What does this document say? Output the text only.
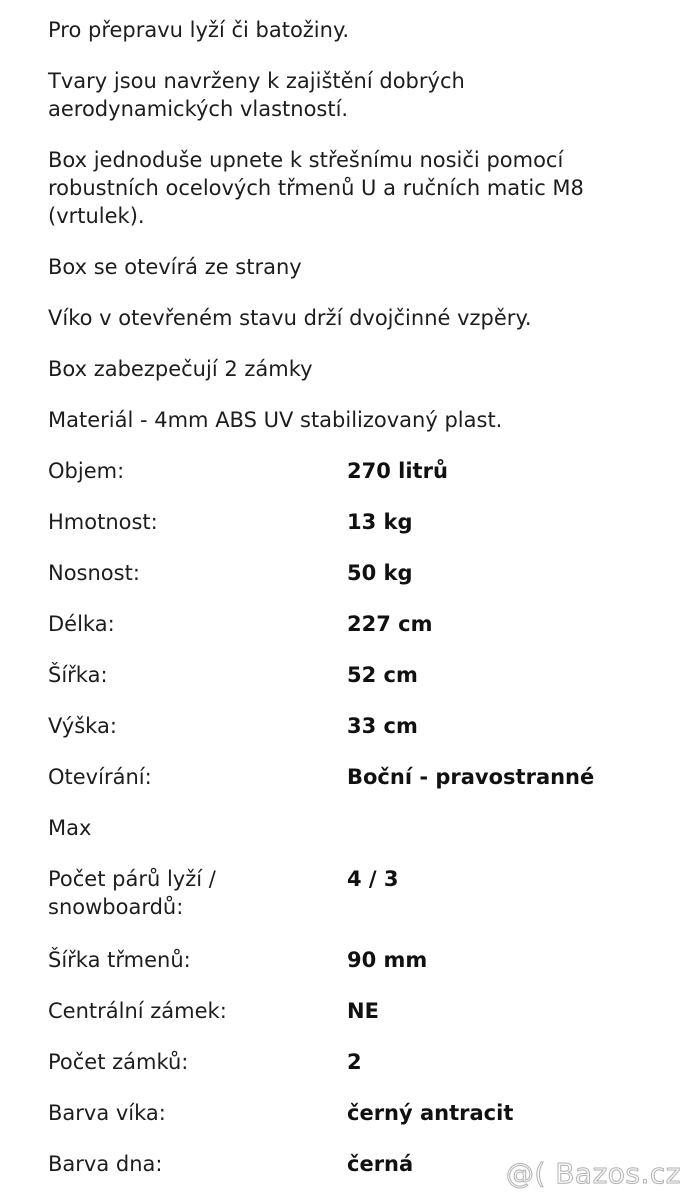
Pro přepravu lyží či batožiny.

Tvary jsou navrženy k zajištění dobrých aerodynamických vlastností.

Box jednoduše upnete k střešnímu nosiči pomocí robustních ocelových třmenů U a ručních matic M8 (vrtulek).

Box se otevírá ze strany

Víko v otevřeném stavu drží dvojčinné vzpěry.

Box zabezpečují 2 zámky

Materiál - 4mm ABS UV stabilizovaný plast.

Objem:	270 litrů
Hmotnost:	13 kg
Nosnost:	50 kg
Délka:	227 cm
Šířka:	52 cm
Výška:	33 cm
Otevírání:	Boční - pravostranné
Max
Počet párů lyží / snowboardů:
4 / 3
Šířka třmenů:	90 mm
Centrální zámek:	NE
Počet zámků:	2
Barva víka:	černý antracit
Barva dna:	černá	@( Bazos.cz
